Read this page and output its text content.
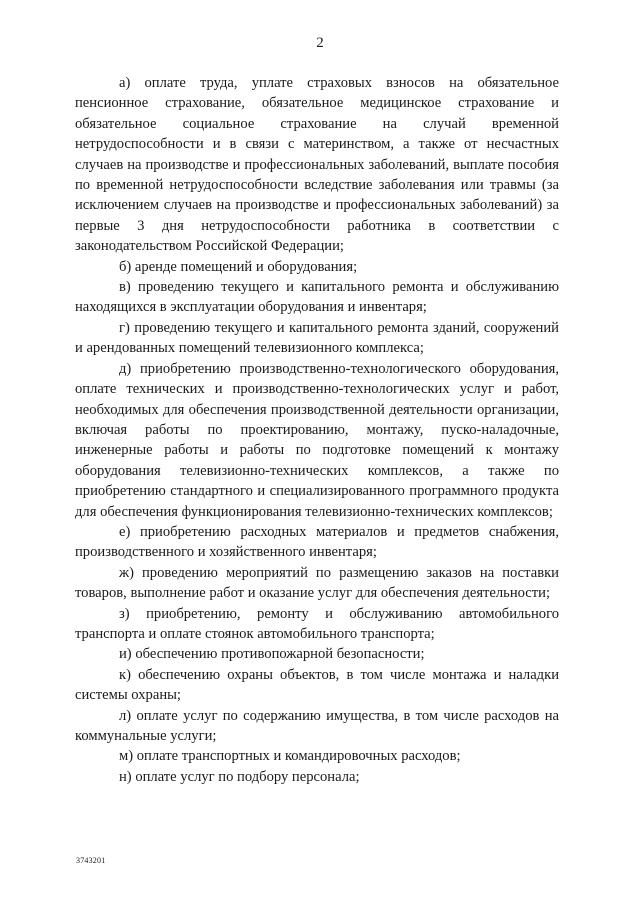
2

а) оплате труда, уплате страховых взносов на обязательное пенсионное страхование, обязательное медицинское страхование и обязательное социальное страхование на случай временной нетрудоспособности и в связи с материнством, а также от несчастных случаев на производстве и профессиональных заболеваний, выплате пособия по временной нетрудоспособности вследствие заболевания или травмы (за исключением случаев на производстве и профессиональных заболеваний) за первые 3 дня нетрудоспособности работника в соответствии с законодательством Российской Федерации;

б) аренде помещений и оборудования;

в) проведению текущего и капитального ремонта и обслуживанию находящихся в эксплуатации оборудования и инвентаря;

г) проведению текущего и капитального ремонта зданий, сооружений и арендованных помещений телевизионного комплекса;

д) приобретению производственно-технологического оборудования, оплате технических и производственно-технологических услуг и работ, необходимых для обеспечения производственной деятельности организации, включая работы по проектированию, монтажу, пуско-наладочные, инженерные работы и работы по подготовке помещений к монтажу оборудования телевизионно-технических комплексов, а также по приобретению стандартного и специализированного программного продукта для обеспечения функционирования телевизионно-технических комплексов;

е) приобретению расходных материалов и предметов снабжения, производственного и хозяйственного инвентаря;

ж) проведению мероприятий по размещению заказов на поставки товаров, выполнение работ и оказание услуг для обеспечения деятельности;

з) приобретению, ремонту и обслуживанию автомобильного транспорта и оплате стоянок автомобильного транспорта;

и) обеспечению противопожарной безопасности;

к) обеспечению охраны объектов, в том числе монтажа и наладки системы охраны;

л) оплате услуг по содержанию имущества, в том числе расходов на коммунальные услуги;

м) оплате транспортных и командировочных расходов;

н) оплате услуг по подбору персонала;

3743201
